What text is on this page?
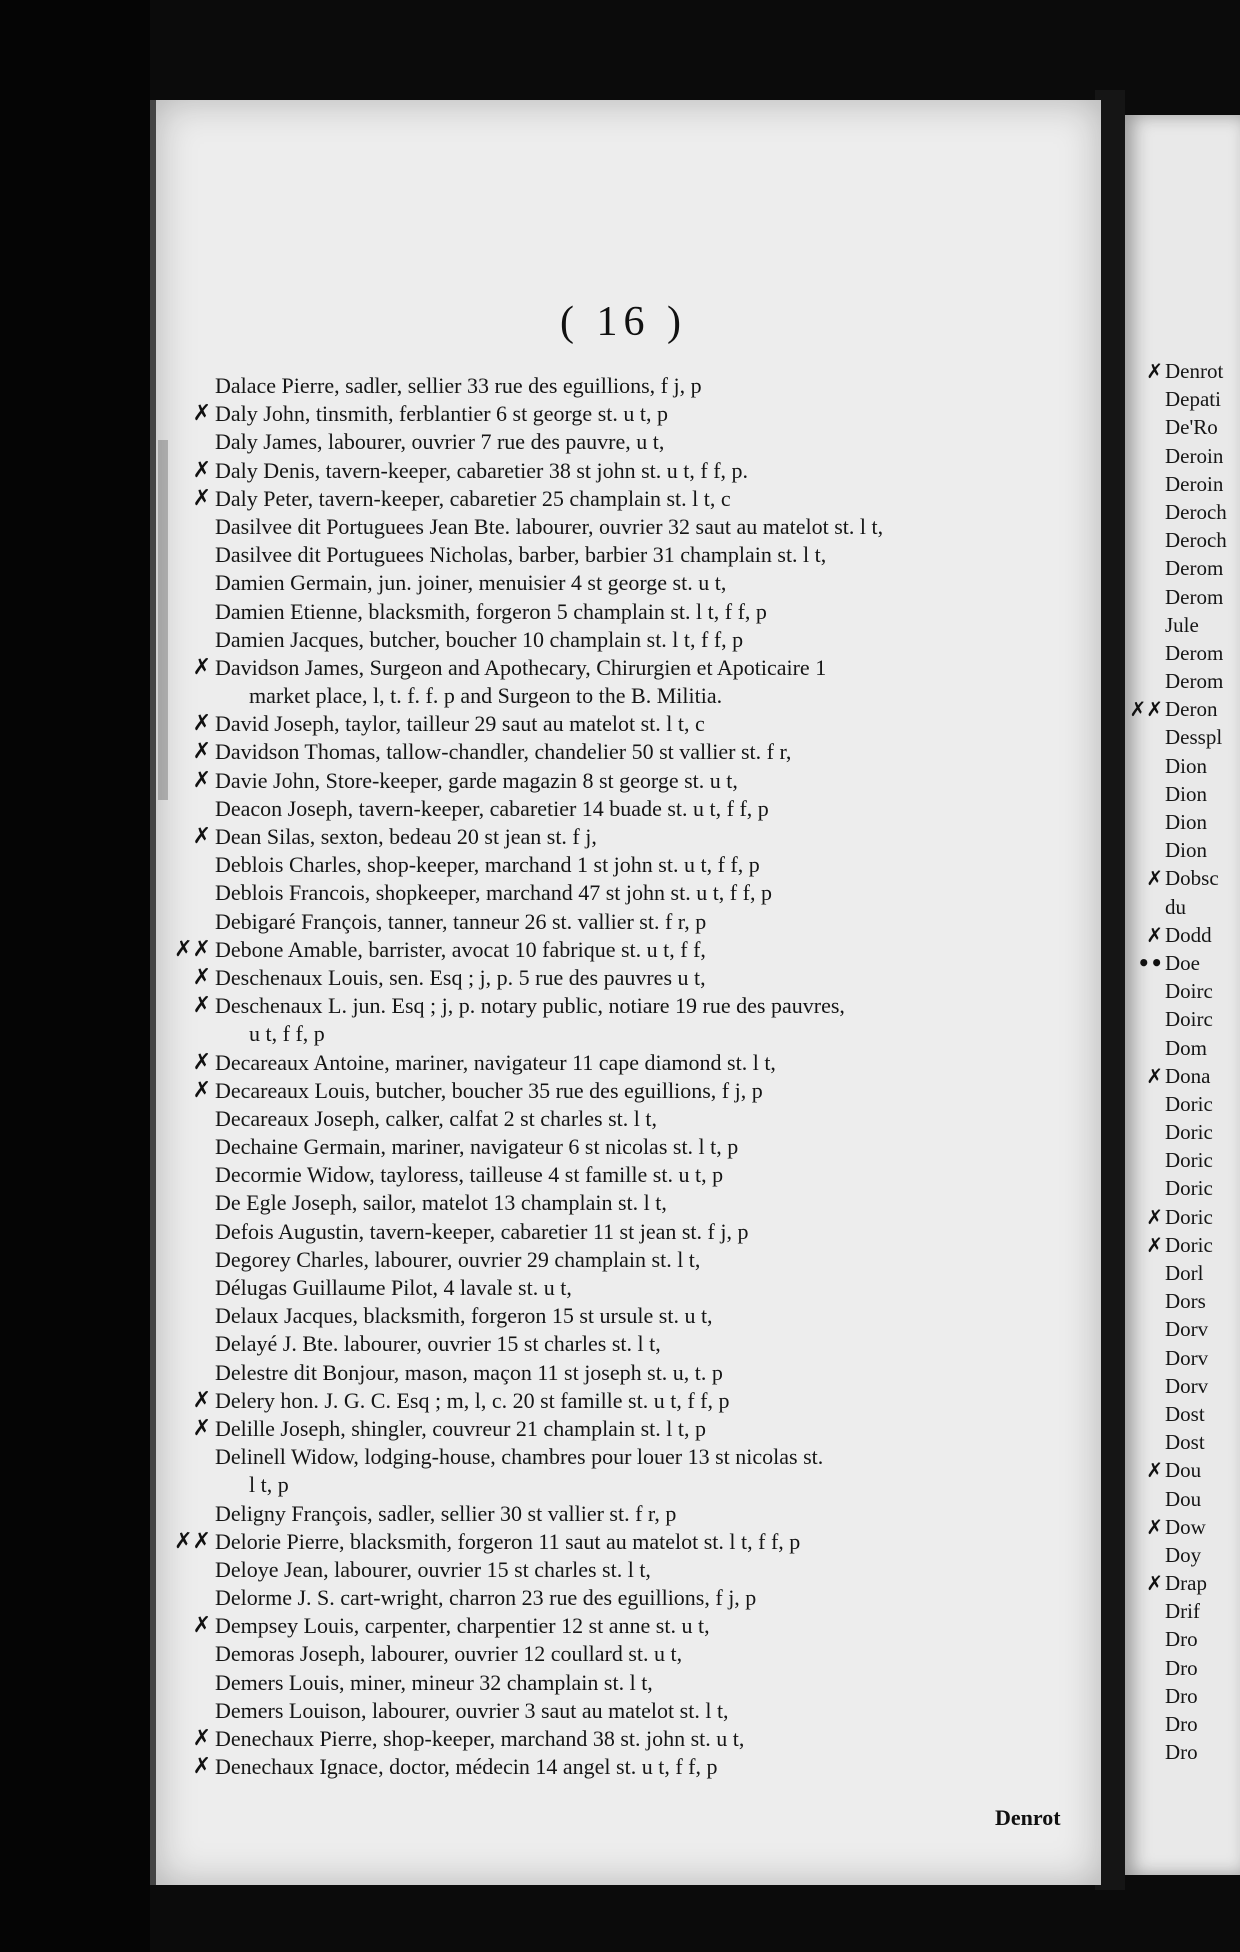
( 16 )
Dalace Pierre, sadler, sellier 33 rue des eguillions, f j, p
✗ Daly John, tinsmith, ferblantier 6 st george st. u t, p
Daly James, labourer, ouvrier 7 rue des pauvre, u t,
✗ Daly Denis, tavern-keeper, cabaretier 38 st john st. u t, f f, p.
✗ Daly Peter, tavern-keeper, cabaretier 25 champlain st. l t, c
Dasilvee dit Portuguees Jean Bte. labourer, ouvrier 32 saut au matelot st. l t,
Dasilvee dit Portuguees Nicholas, barber, barbier 31 champlain st. l t,
Damien Germain, jun. joiner, menuisier 4 st george st. u t,
Damien Etienne, blacksmith, forgeron 5 champlain st. l t, f f, p
Damien Jacques, butcher, boucher 10 champlain st. l t, f f, p
✗ Davidson James, Surgeon and Apothecary, Chirurgien et Apoticaire 1
market place, l, t. f. f. p and Surgeon to the B. Militia.
✗ David Joseph, taylor, tailleur 29 saut au matelot st. l t, c
✗ Davidson Thomas, tallow-chandler, chandelier 50 st vallier st. f r,
✗ Davie John, Store-keeper, garde magazin 8 st george st. u t,
Deacon Joseph, tavern-keeper, cabaretier 14 buade st. u t, f f, p
✗ Dean Silas, sexton, bedeau 20 st jean st. f j,
Deblois Charles, shop-keeper, marchand 1 st john st. u t, f f, p
Deblois Francois, shopkeeper, marchand 47 st john st. u t, f f, p
Debigaré François, tanner, tanneur 26 st. vallier st. f r, p
✗✗ Debone Amable, barrister, avocat 10 fabrique st. u t, f f,
✗ Deschenaux Louis, sen. Esq ; j, p. 5 rue des pauvres u t,
✗ Deschenaux L. jun. Esq ; j, p. notary public, notiare 19 rue des pauvres,
u t, f f, p
✗ Decareaux Antoine, mariner, navigateur 11 cape diamond st. l t,
✗ Decareaux Louis, butcher, boucher 35 rue des eguillions, f j, p
Decareaux Joseph, calker, calfat 2 st charles st. l t,
Dechaine Germain, mariner, navigateur 6 st nicolas st. l t, p
Decormie Widow, tayloress, tailleuse 4 st famille st. u t, p
De Egle Joseph, sailor, matelot 13 champlain st. l t,
Defois Augustin, tavern-keeper, cabaretier 11 st jean st. f j, p
Degorey Charles, labourer, ouvrier 29 champlain st. l t,
Délugas Guillaume Pilot, 4 lavale st. u t,
Delaux Jacques, blacksmith, forgeron 15 st ursule st. u t,
Delayé J. Bte. labourer, ouvrier 15 st charles st. l t,
Delestre dit Bonjour, mason, maçon 11 st joseph st. u, t. p
✗ Delery hon. J. G. C. Esq ; m, l, c. 20 st famille st. u t, f f, p
✗ Delille Joseph, shingler, couvreur 21 champlain st. l t, p
Delinell Widow, lodging-house, chambres pour louer 13 st nicolas st.
l t, p
Deligny François, sadler, sellier 30 st vallier st. f r, p
✗✗ Delorie Pierre, blacksmith, forgeron 11 saut au matelot st. l t, f f, p
Deloye Jean, labourer, ouvrier 15 st charles st. l t,
Delorme J. S. cart-wright, charron 23 rue des eguillions, f j, p
✗ Dempsey Louis, carpenter, charpentier 12 st anne st. u t,
Demoras Joseph, labourer, ouvrier 12 coullard st. u t,
Demers Louis, miner, mineur 32 champlain st. l t,
Demers Louison, labourer, ouvrier 3 saut au matelot st. l t,
✗ Denechaux Pierre, shop-keeper, marchand 38 st. john st. u t,
✗ Denechaux Ignace, doctor, médecin 14 angel st. u t, f f, p
Denrot
✗ Denrot
Depati
De'Ro
Deroin
Deroin
Deroch
Deroch
Derom
Derom
Jule
Derom
Derom
✗✗ Deron
Desspl
Dion
Dion
Dion
Dion
✗ Dobsc
du
✗ Dodd
•• Doe
Doirc
Doirc
Dom
✗ Dona
Doric
Doric
Doric
Doric
✗ Doric
✗ Doric
Dorl
Dors
Dorv
Dorv
Dorv
Dost
Dost
✗ Dou
Dou
✗ Dow
Doy
✗ Drap
Drif
Dro
Dro
Dro
Dro
Dro
